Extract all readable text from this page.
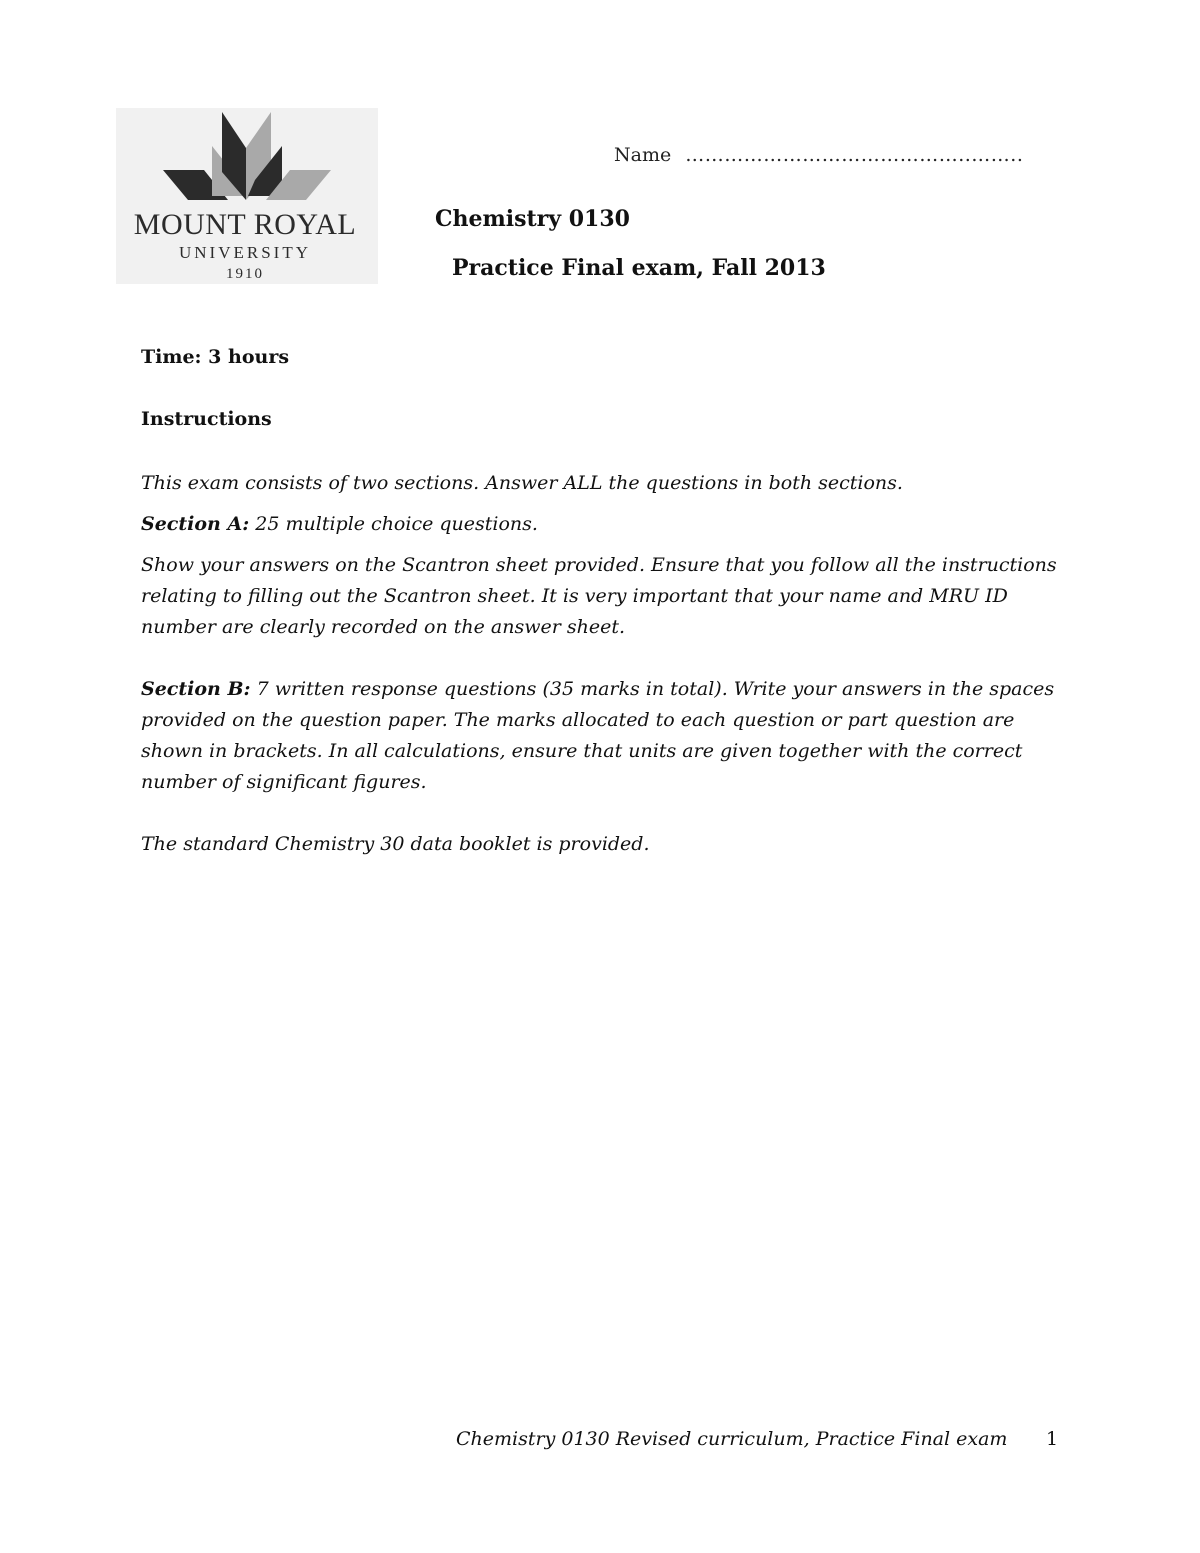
MOUNT ROYAL
UNIVERSITY
1910
Name ……………………………………..……..
Chemistry 0130
Practice Final exam, Fall 2013
Time: 3 hours
Instructions

This exam consists of two sections. Answer ALL the questions in both sections.

Section A: 25 multiple choice questions.

Show your answers on the Scantron sheet provided. Ensure that you follow all the instructions relating to filling out the Scantron sheet. It is very important that your name and MRU ID number are clearly recorded on the answer sheet.

Section B: 7 written response questions (35 marks in total). Write your answers in the spaces provided on the question paper. The marks allocated to each question or part question are shown in brackets. In all calculations, ensure that units are given together with the correct number of significant figures.

The standard Chemistry 30 data booklet is provided.

Chemistry 0130 Revised curriculum, Practice Final exam 1
